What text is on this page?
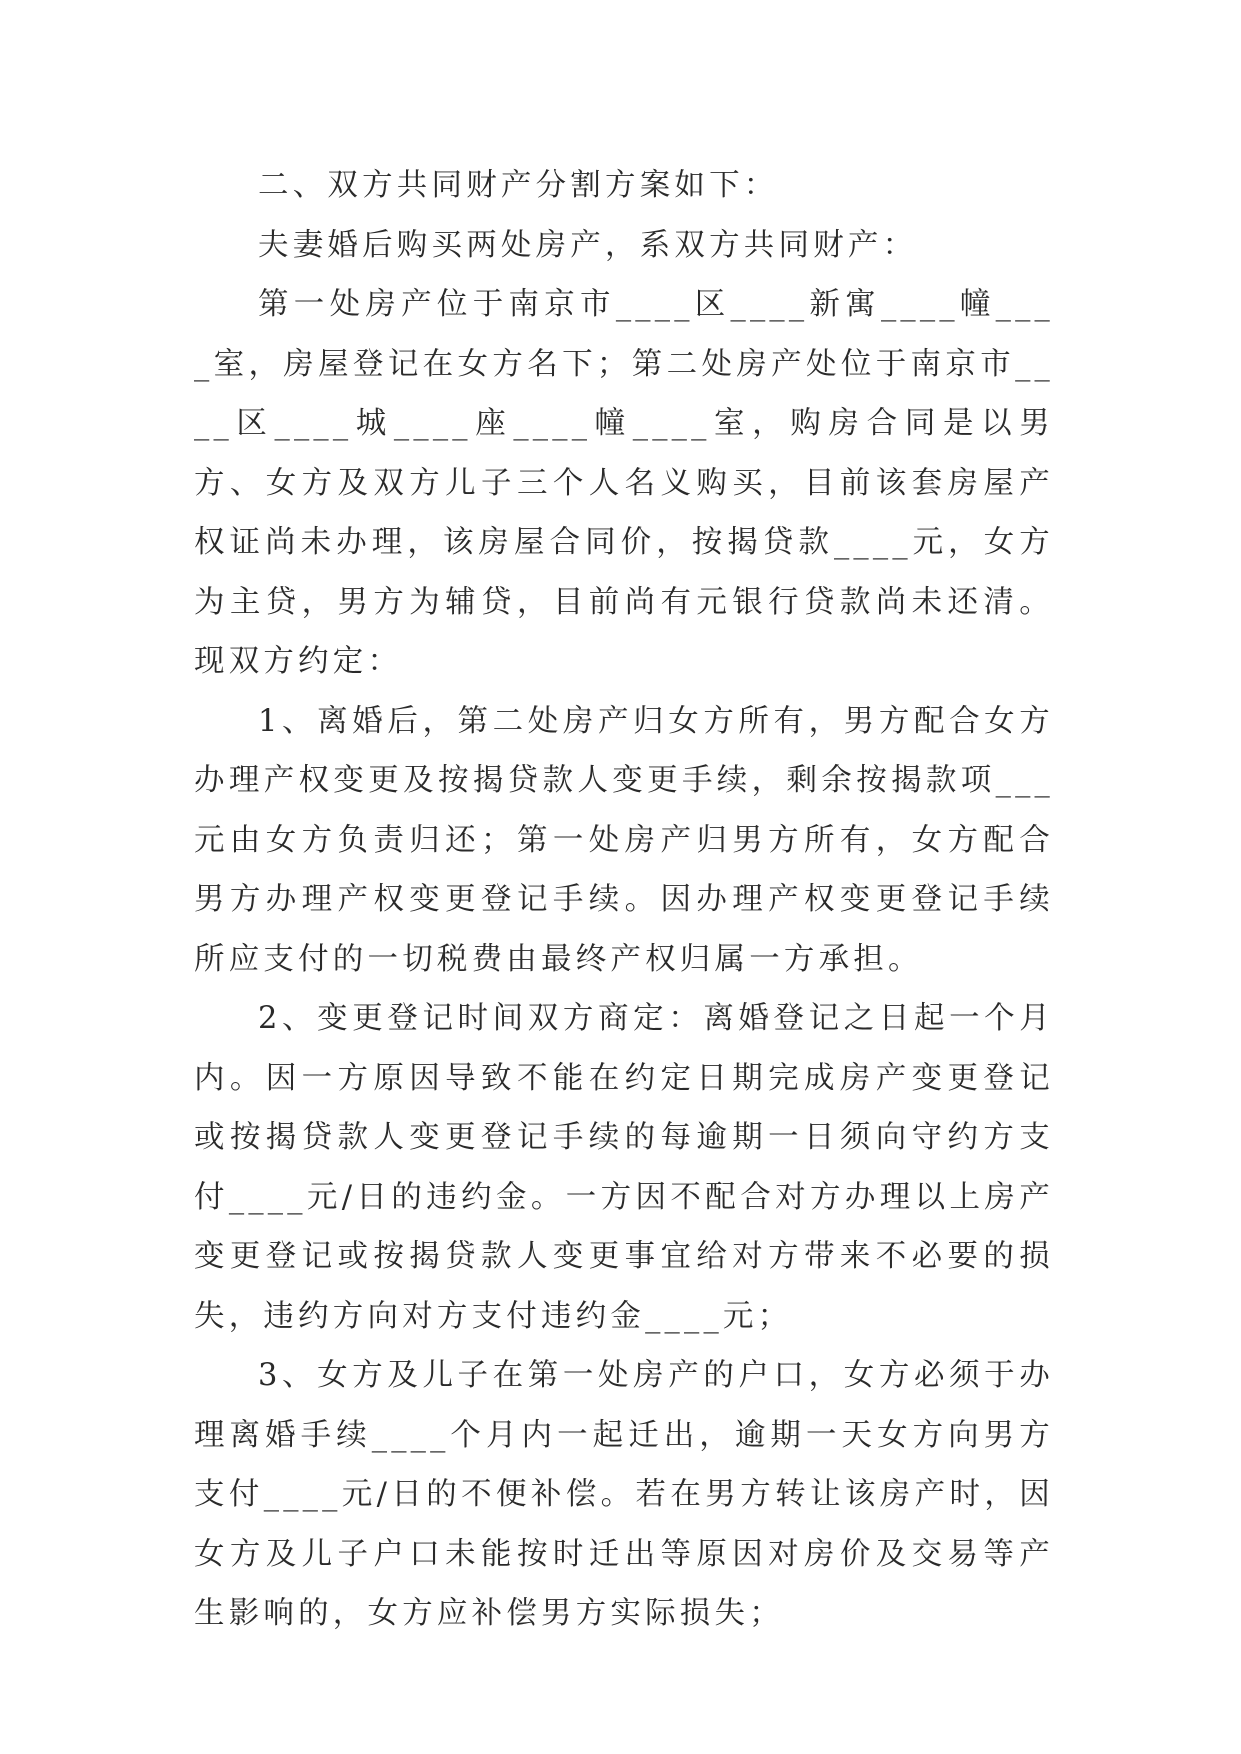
二、双方共同财产分割方案如下：

夫妻婚后购买两处房产，系双方共同财产：

第一处房产位于南京市____区____新寓____幢____室，房屋登记在女方名下；第二处房产处位于南京市____区____城____座____幢____室，购房合同是以男方、女方及双方儿子三个人名义购买，目前该套房屋产权证尚未办理，该房屋合同价，按揭贷款____元，女方为主贷，男方为辅贷，目前尚有元银行贷款尚未还清。现双方约定：

1、离婚后，第二处房产归女方所有，男方配合女方办理产权变更及按揭贷款人变更手续，剩余按揭款项___元由女方负责归还；第一处房产归男方所有，女方配合男方办理产权变更登记手续。因办理产权变更登记手续所应支付的一切税费由最终产权归属一方承担。

2、变更登记时间双方商定：离婚登记之日起一个月内。因一方原因导致不能在约定日期完成房产变更登记或按揭贷款人变更登记手续的每逾期一日须向守约方支付____元/日的违约金。一方因不配合对方办理以上房产变更登记或按揭贷款人变更事宜给对方带来不必要的损失，违约方向对方支付违约金____元；

3、女方及儿子在第一处房产的户口，女方必须于办理离婚手续____个月内一起迁出，逾期一天女方向男方支付____元/日的不便补偿。若在男方转让该房产时，因女方及儿子户口未能按时迁出等原因对房价及交易等产生影响的，女方应补偿男方实际损失；
